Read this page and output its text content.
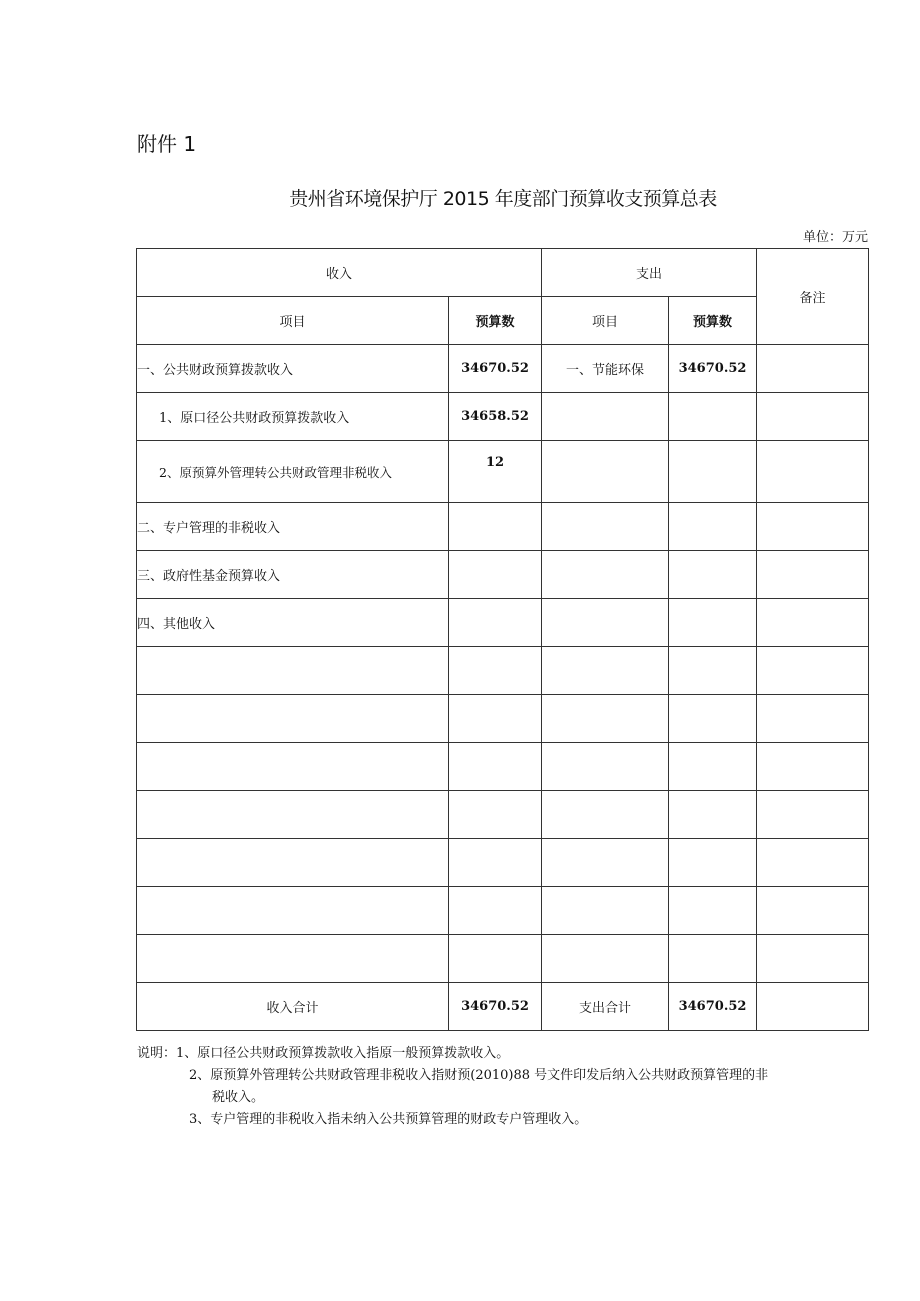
附件 1
贵州省环境保护厅 2015 年度部门预算收支预算总表
单位：万元
收入		支出		备注
项目	预算数	项目	预算数	
一、公共财政预算拨款收入	34670.52	一、节能环保	34670.52	
1、原口径公共财政预算拨款收入	34658.52			
2、原预算外管理转公共财政管理非税收入	12			
二、专户管理的非税收入				
三、政府性基金预算收入				
四、其他收入				

收入合计	34670.52	支出合计	34670.52	
说明：1、原口径公共财政预算拨款收入指原一般预算拨款收入。
2、原预算外管理转公共财政管理非税收入指财预(2010)88 号文件印发后纳入公共财政预算管理的非
税收入。
3、专户管理的非税收入指未纳入公共预算管理的财政专户管理收入。
